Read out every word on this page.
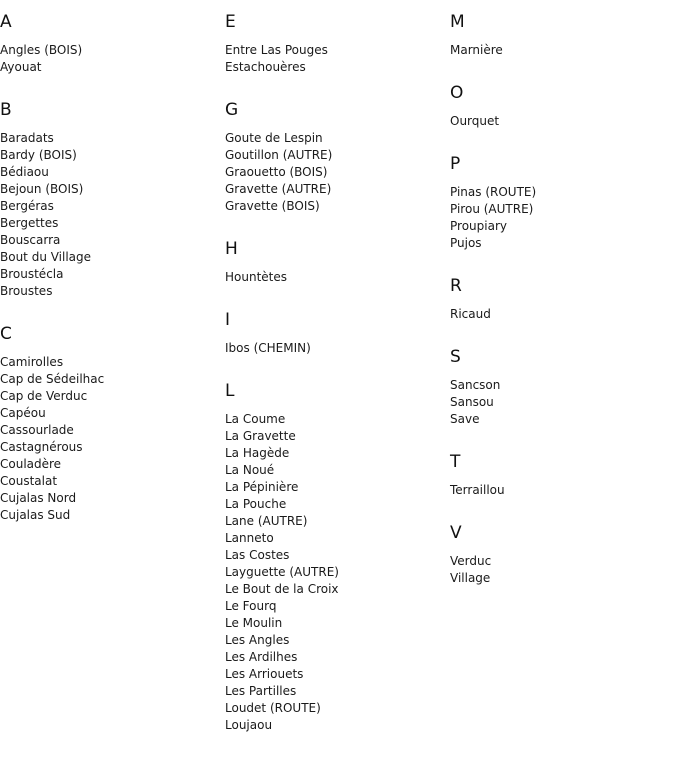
A
Angles (BOIS)
Ayouat
B
Baradats
Bardy (BOIS)
Bédiaou
Bejoun (BOIS)
Bergéras
Bergettes
Bouscarra
Bout du Village
Broustécla
Broustes
C
Camirolles
Cap de Sédeilhac
Cap de Verduc
Capéou
Cassourlade
Castagnérous
Couladère
Coustalat
Cujalas Nord
Cujalas Sud
E
Entre Las Pouges
Estachouères
G
Goute de Lespin
Goutillon (AUTRE)
Graouetto (BOIS)
Gravette (AUTRE)
Gravette (BOIS)
H
Hountètes
I
Ibos (CHEMIN)
L
La Coume
La Gravette
La Hagède
La Noué
La Pépinière
La Pouche
Lane (AUTRE)
Lanneto
Las Costes
Layguette (AUTRE)
Le Bout de la Croix
Le Fourq
Le Moulin
Les Angles
Les Ardilhes
Les Arriouets
Les Partilles
Loudet (ROUTE)
Loujaou
M
Marnière
O
Ourquet
P
Pinas (ROUTE)
Pirou (AUTRE)
Proupiary
Pujos
R
Ricaud
S
Sancson
Sansou
Save
T
Terraillou
V
Verduc
Village
